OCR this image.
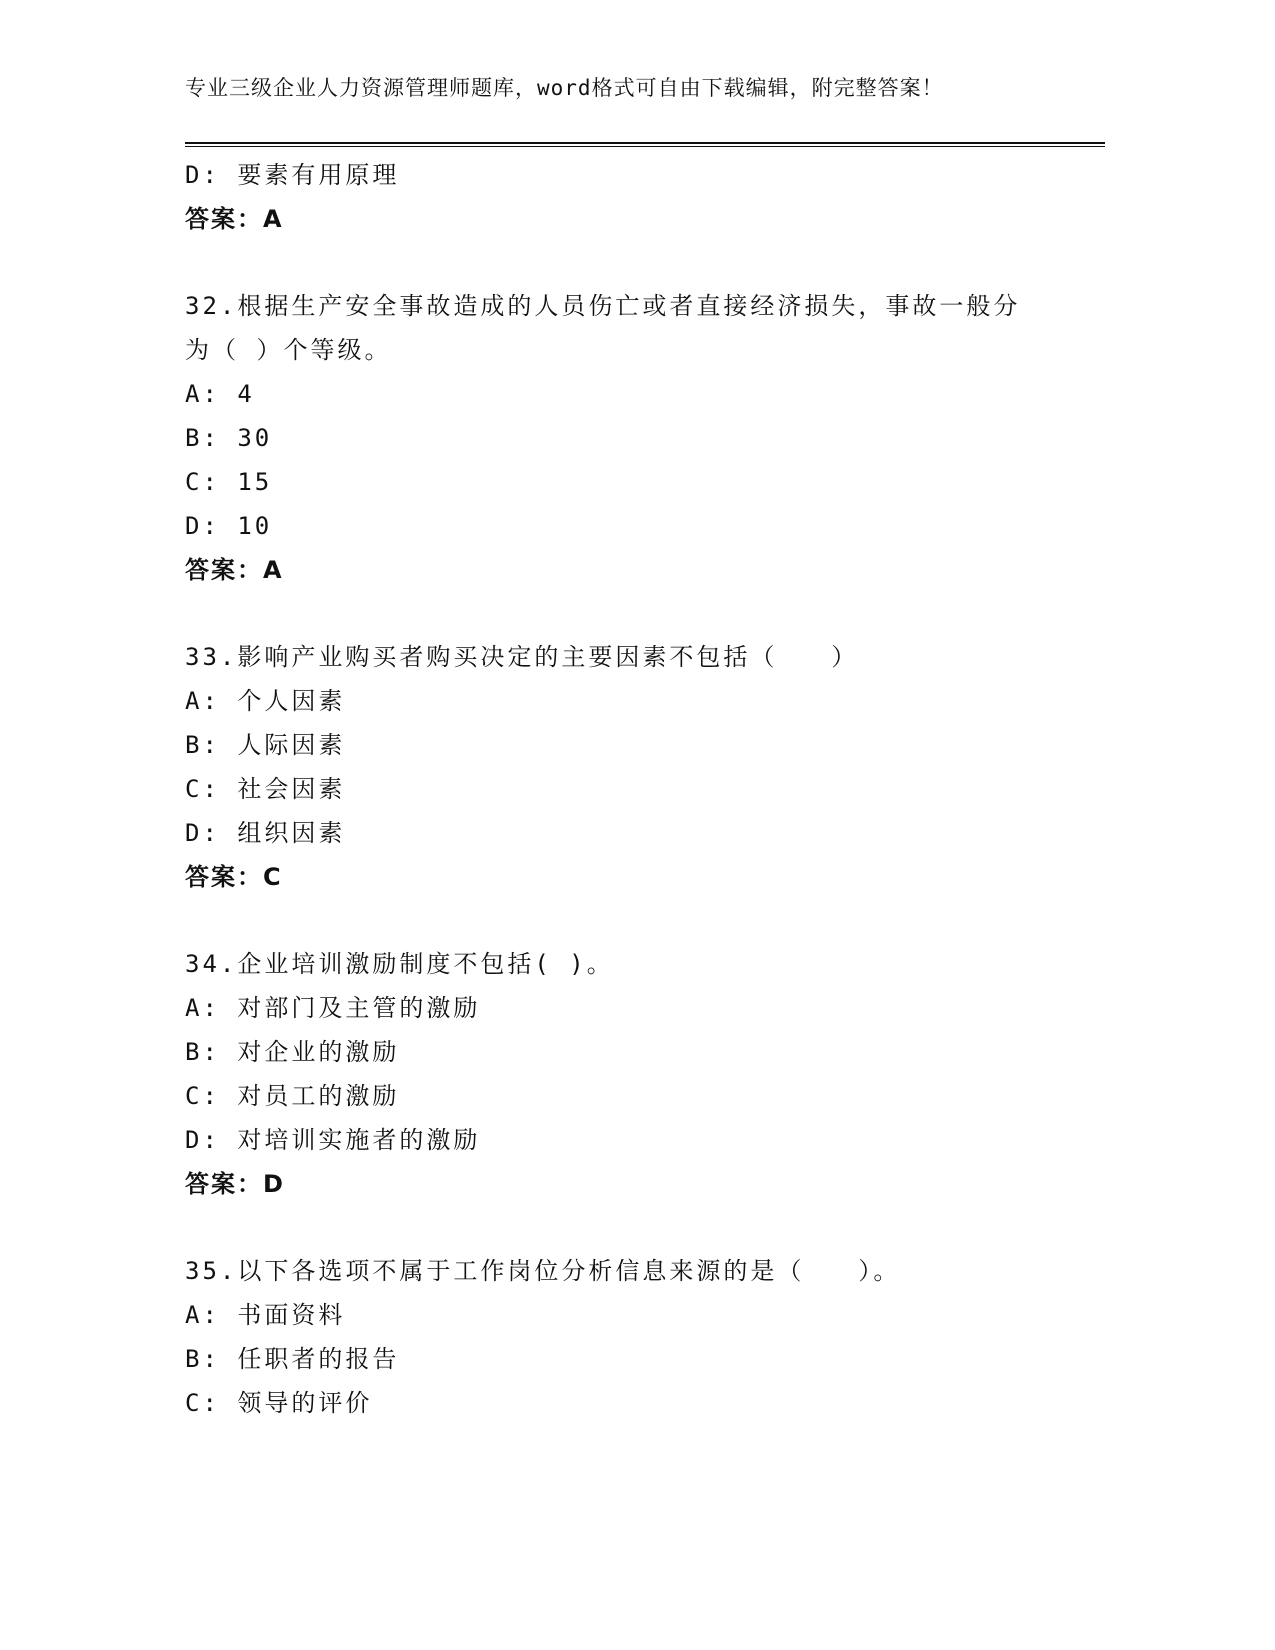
专业三级企业人力资源管理师题库，word格式可自由下载编辑，附完整答案！
D: 要素有用原理
答案：A
32.根据生产安全事故造成的人员伤亡或者直接经济损失，事故一般分
为（ ）个等级。
A: 4
B: 30
C: 15
D: 10
答案：A
33.影响产业购买者购买决定的主要因素不包括（　　）
A: 个人因素
B: 人际因素
C: 社会因素
D: 组织因素
答案：C
34.企业培训激励制度不包括( )。
A: 对部门及主管的激励
B: 对企业的激励
C: 对员工的激励
D: 对培训实施者的激励
答案：D
35.以下各选项不属于工作岗位分析信息来源的是（　　）。
A: 书面资料
B: 任职者的报告
C: 领导的评价
